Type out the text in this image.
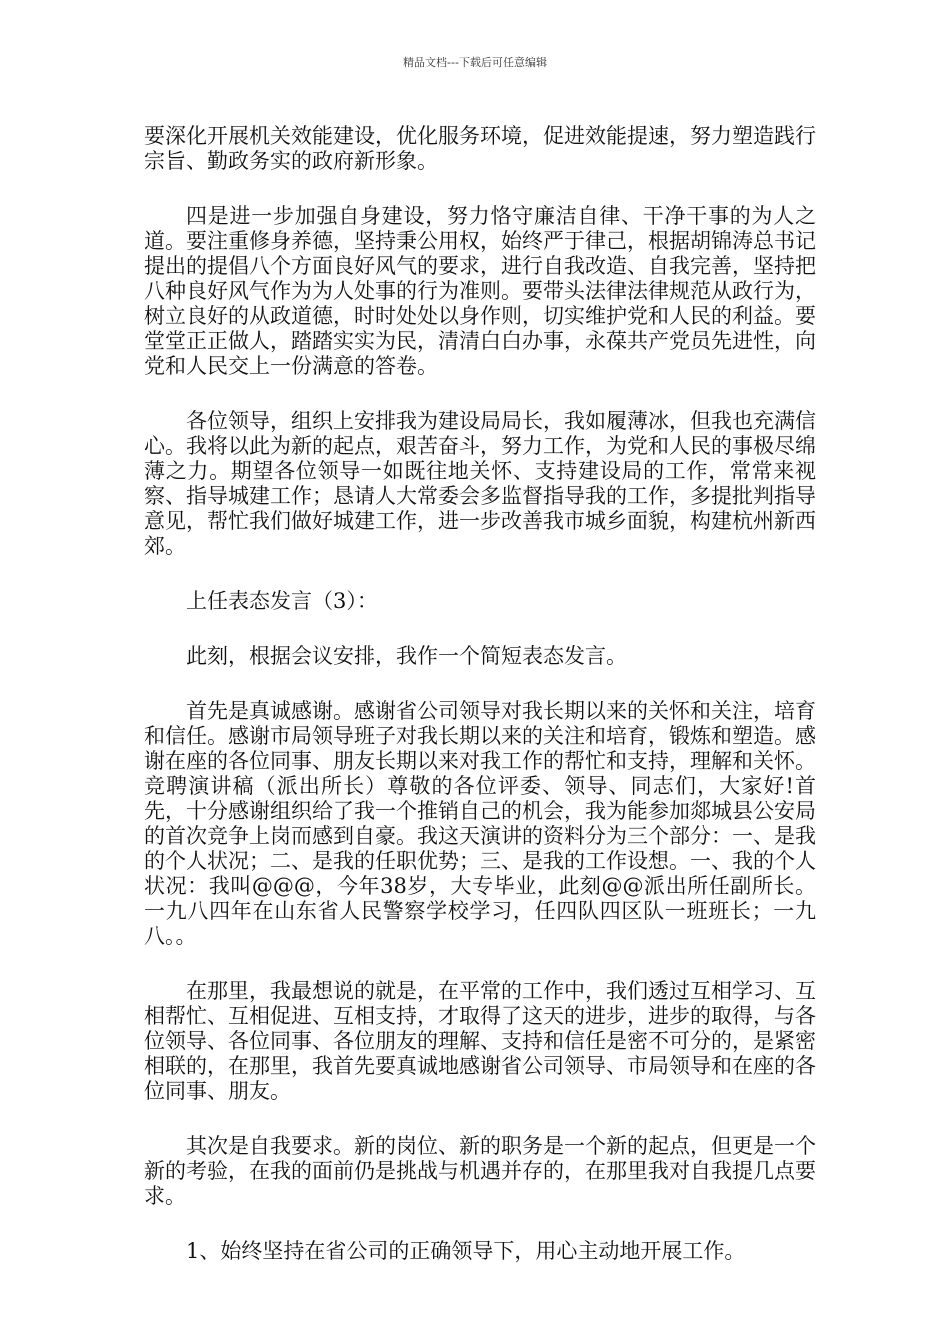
精品文档---下载后可任意编辑

要深化开展机关效能建设，优化服务环境，促进效能提速，努力塑造践行宗旨、勤政务实的政府新形象。

四是进一步加强自身建设，努力恪守廉洁自律、干净干事的为人之道。要注重修身养德，坚持秉公用权，始终严于律己，根据胡锦涛总书记提出的提倡八个方面良好风气的要求，进行自我改造、自我完善，坚持把八种良好风气作为为人处事的行为准则。要带头法律法律规范从政行为，树立良好的从政道德，时时处处以身作则，切实维护党和人民的利益。要堂堂正正做人，踏踏实实为民，清清白白办事，永葆共产党员先进性，向党和人民交上一份满意的答卷。

各位领导，组织上安排我为建设局局长，我如履薄冰，但我也充满信心。我将以此为新的起点，艰苦奋斗，努力工作，为党和人民的事极尽绵薄之力。期望各位领导一如既往地关怀、支持建设局的工作，常常来视察、指导城建工作；恳请人大常委会多监督指导我的工作，多提批判指导意见，帮忙我们做好城建工作，进一步改善我市城乡面貌，构建杭州新西郊。

上任表态发言（3）：

此刻，根据会议安排，我作一个简短表态发言。

首先是真诚感谢。感谢省公司领导对我长期以来的关怀和关注，培育和信任。感谢市局领导班子对我长期以来的关注和培育，锻炼和塑造。感谢在座的各位同事、朋友长期以来对我工作的帮忙和支持，理解和关怀。竞聘演讲稿（派出所长）尊敬的各位评委、领导、同志们，大家好!首先，十分感谢组织给了我一个推销自己的机会，我为能参加郯城县公安局的首次竞争上岗而感到自豪。我这天演讲的资料分为三个部分：一、是我的个人状况；二、是我的任职优势；三、是我的工作设想。一、我的个人状况：我叫@@@，今年38岁，大专毕业，此刻@@派出所任副所长。一九八四年在山东省人民警察学校学习，任四队四区队一班班长；一九八。。

在那里，我最想说的就是，在平常的工作中，我们透过互相学习、互相帮忙、互相促进、互相支持，才取得了这天的进步，进步的取得，与各位领导、各位同事、各位朋友的理解、支持和信任是密不可分的，是紧密相联的，在那里，我首先要真诚地感谢省公司领导、市局领导和在座的各位同事、朋友。

其次是自我要求。新的岗位、新的职务是一个新的起点，但更是一个新的考验，在我的面前仍是挑战与机遇并存的，在那里我对自我提几点要求。

1、始终坚持在省公司的正确领导下，用心主动地开展工作。
